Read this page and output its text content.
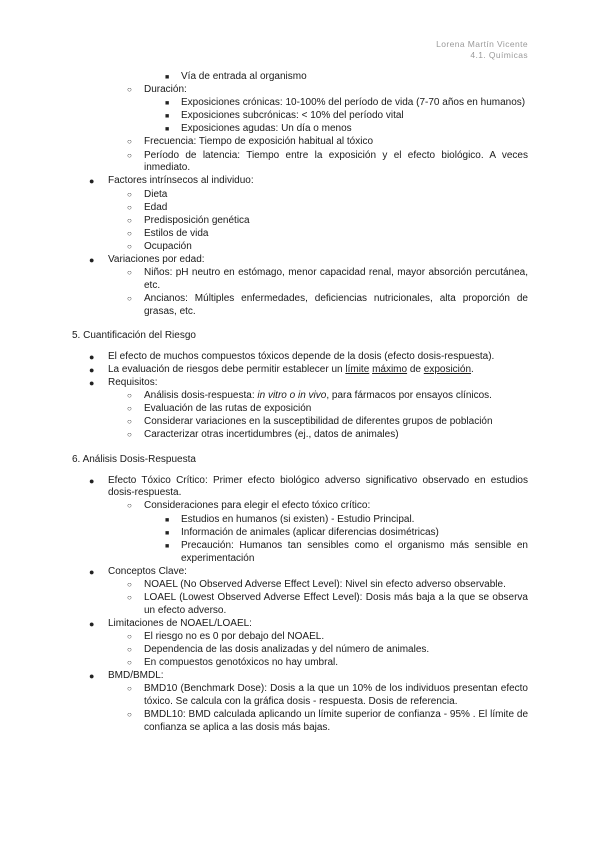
Lorena Martín Vicente
4.1. Químicas
■	Vía de entrada al organismo
○	Duración:
■	Exposiciones crónicas: 10-100% del período de vida (7-70 años en humanos)
■	Exposiciones subcrónicas: < 10% del período vital
■	Exposiciones agudas: Un día o menos
○	Frecuencia: Tiempo de exposición habitual al tóxico
○	Período de latencia: Tiempo entre la exposición y el efecto biológico. A veces inmediato.
●	Factores intrínsecos al individuo:
○	Dieta
○	Edad
○	Predisposición genética
○	Estilos de vida
○	Ocupación
●	Variaciones por edad:
○	Niños: pH neutro en estómago, menor capacidad renal, mayor absorción percutánea, etc.
○	Ancianos: Múltiples enfermedades, deficiencias nutricionales, alta proporción de grasas, etc.
5. Cuantificación del Riesgo
●	El efecto de muchos compuestos tóxicos depende de la dosis (efecto dosis-respuesta).
●	La evaluación de riesgos debe permitir establecer un límite máximo de exposición.
●	Requisitos:
○	Análisis dosis-respuesta: in vitro o in vivo, para fármacos por ensayos clínicos.
○	Evaluación de las rutas de exposición
○	Considerar variaciones en la susceptibilidad de diferentes grupos de población
○	Caracterizar otras incertidumbres (ej., datos de animales)
6. Análisis Dosis-Respuesta
●	Efecto Tóxico Crítico: Primer efecto biológico adverso significativo observado en estudios dosis-respuesta.
○	Consideraciones para elegir el efecto tóxico crítico:
■	Estudios en humanos (si existen) - Estudio Principal.
■	Información de animales (aplicar diferencias dosimétricas)
■	Precaución: Humanos tan sensibles como el organismo más sensible en experimentación
●	Conceptos Clave:
○	NOAEL (No Observed Adverse Effect Level): Nivel sin efecto adverso observable.
○	LOAEL (Lowest Observed Adverse Effect Level): Dosis más baja a la que se observa un efecto adverso.
●	Limitaciones de NOAEL/LOAEL:
○	El riesgo no es 0 por debajo del NOAEL.
○	Dependencia de las dosis analizadas y del número de animales.
○	En compuestos genotóxicos no hay umbral.
●	BMD/BMDL:
○	BMD10 (Benchmark Dose): Dosis a la que un 10% de los individuos presentan efecto tóxico. Se calcula con la gráfica dosis - respuesta. Dosis de referencia.
○	BMDL10: BMD calculada aplicando un límite superior de confianza - 95% . El límite de confianza se aplica a las dosis más bajas.
